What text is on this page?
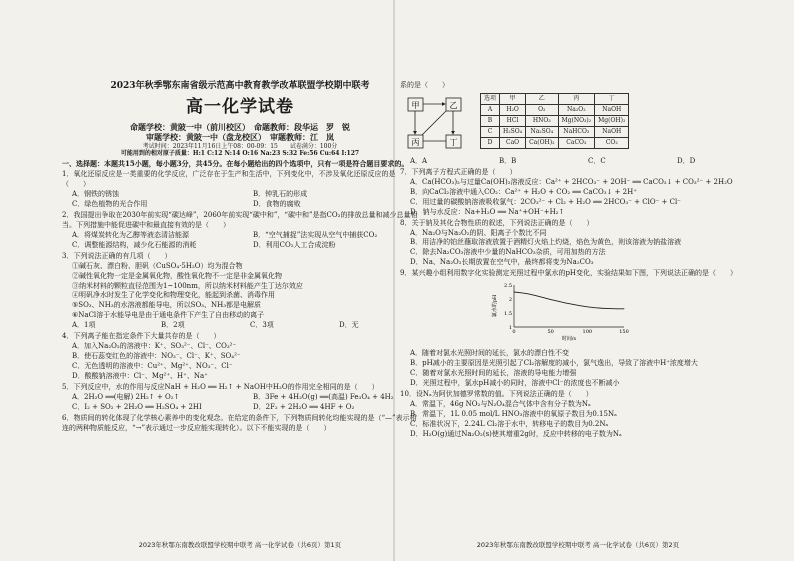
2023年秋季鄂东南省级示范高中教育教学改革联盟学校期中联考
高一化学试卷
命题学校：黄陂一中（前川校区）　命题教师：段华运　罗　锐
审题学校：黄陂一中（盘龙校区）　审题教师：江　岚
考试时间：2023年11月16日上午08：00-09：15　　试卷满分：100分
可能用到的相对原子质量：H:1 C:12 N:14 O:16 Na:23 S:32 Fe:56 Cu:64 I:127
一、选择题：本题共15小题，每小题3分，共45分。在每小题给出的四个选项中，只有一项是符合题目要求的。
1．氧化还原反应是一类重要的化学反应，广泛存在于生产和生活中，下列变化中，不涉及氧化还原反应的是（　　）
A．钢铁的锈蚀	B．钟乳石的形成
C．绿色植物的光合作用	D．食物的腐败
2．我国提出争取在2030年前实现“碳达峰”，2060年前实现“碳中和”，“碳中和”是指CO₂的排放总量和减少总量相当。下列措施中能促进碳中和最直接有效的是（　　）
A．将煤炭转化为乙醇等液态清洁能源	B．“空气捕捉”法实现从空气中捕获CO₂
C．调整能源结构，减少化石能源的消耗	D．利用CO₂人工合成淀粉
3．下列说法正确的有几项（　　）
①碱石灰、漂白粉、胆矾（CuSO₄·5H₂O）均为混合物
②碱性氧化物一定是金属氧化物，酸性氧化物不一定是非金属氧化物
③纳米材料的颗粒直径范围为1~100nm，所以纳米材料能产生丁达尔效应
④明矾净水时发生了化学变化和物理变化，能起到杀菌、消毒作用
⑤SO₃、NH₃的水溶液都能导电，所以SO₃、NH₃都是电解质
⑥NaCl溶于水能导电是由于通电条件下产生了自由移动的离子
A．1项	B．2项	C．3项	D．无
4．下列离子能在指定条件下大量共存的是（　　）
A．加入Na₂O₂的溶液中：K⁺、SO₃²⁻、Cl⁻、CO₃²⁻
B．使石蕊变红色的溶液中：NO₃⁻、Cl⁻、K⁺、SO₄²⁻
C．无色透明的溶液中：Cu²⁺、Mg²⁺、NO₃⁻、Cl⁻
D．酸酸钠溶液中：Cl⁻、Mg²⁺、H⁺、Na⁺
5．下列反应中，水的作用与反应NaH + H₂O ══ H₂↑ + NaOH中H₂O的作用完全相同的是（　　）
A．2H₂O ══(电解) 2H₂↑ + O₂↑	B．3Fe + 4H₂O(g) ══(高温) Fe₃O₄ + 4H₂
C．I₂ + SO₂ + 2H₂O ══ H₂SO₄ + 2HI	D．2F₂ + 2H₂O ══ 4HF + O₂
6．物质间的转化体现了化学核心素养中的变化观念。在给定的条件下，下列物质间转化均能实现的是（“—”表示相连的两种物质能反应，“→”表示通过一步反应能实现转化）。以下不能实现的是（　　）
2023年秋鄂东南教改联盟学校期中联考 高一化学试卷（共6页）第1页
系的是（　　）
甲	乙
丙	丁
选项	甲	乙	丙	丁
A	H₂O	O₂	Na₂O₂	NaOH
B	HCl	HNO₃	Mg(NO₃)₂	Mg(OH)₂
C	H₂SO₄	Na₂SO₄	NaHCO₃	NaOH
D	CaO	Ca(OH)₂	CaCO₃	CO₂
A．A	B．B	C．C	D．D
7．下列离子方程式正确的是（　　）
A．Ca(HCO₃)₂与过量Ca(OH)₂溶液反应：Ca²⁺ + 2HCO₃⁻ + 2OH⁻ ══ CaCO₃↓ + CO₃²⁻ + 2H₂O
B．向CaCl₂溶液中通入CO₂：Ca²⁺ + H₂O + CO₂ ══ CaCO₃↓ + 2H⁺
C．用过量的碳酸钠溶液吸收氯气：2CO₃²⁻ + Cl₂ + H₂O ══ 2HCO₃⁻ + ClO⁻ + Cl⁻
D．钠与水反应：Na+H₂O ══ Na⁺+OH⁻+H₂↑
8．关于钠及其化合物性质的叙述，下列说法正确的是（　　）
A．Na₂O与Na₂O₂的阴、阳离子个数比不同
B．用洁净的铂丝蘸取溶液放置于酒精灯火焰上灼烧，焰色为黄色，则该溶液为钠盐溶液
C．除去Na₂CO₃溶液中少量的NaHCO₃杂质，可用加热的方法
D．Na、Na₂O₂长期放置在空气中，最终都将变为Na₂CO₃
9．某兴趣小组利用数字化实验测定光照过程中氯水的pH变化，实验结果如下图，下列说法正确的是（　　）
1
1.5
2
2.5
0	50	100	150
氯水的pH
时间/s
A．随着对氯水光照时间的延长，氯水的漂白性不变
B．pH减小的主要原因是光照引起了Cl₂溶解度的减小，氯气逸出，导致了溶液中H⁺浓度增大
C．随着对氯水光照时间的延长，溶液的导电能力增强
D．光照过程中，氯水pH减小的同时，溶液中Cl⁻的浓度也不断减小
10．设Nₐ为阿伏加德罗常数的值。下列说法正确的是（　　）
A．常温下，46g NO₂与N₂O₄混合气体中含有分子数为Nₐ
B．常温下，1L 0.05 mol/L HNO₃溶液中的氧原子数目为0.15Nₐ
C．标准状况下，2.24L Cl₂溶于水中，转移电子的数目为0.2Nₐ
D．H₂O(g)通过Na₂O₂(s)使其增重2g时，反应中转移的电子数为Nₐ
2023年秋鄂东南教改联盟学校期中联考 高一化学试卷（共6页）第2页
